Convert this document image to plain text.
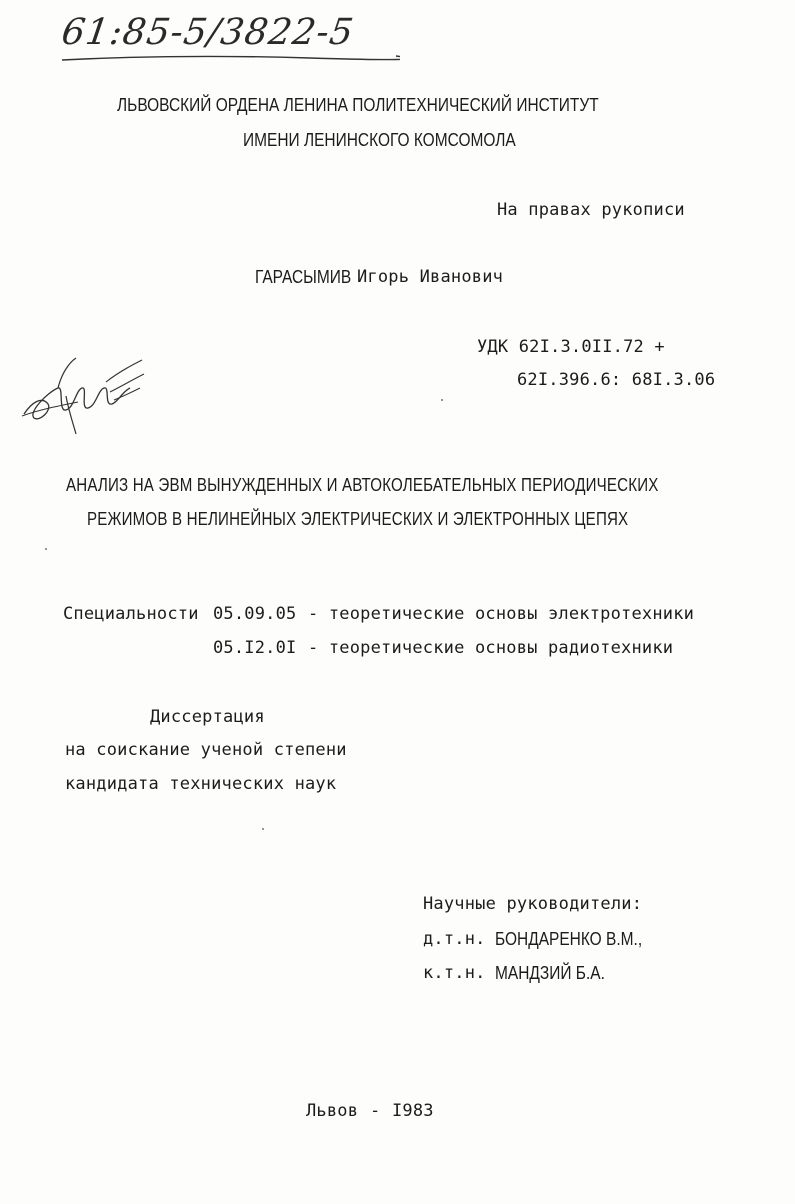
61:85-5/3822-5
ЛЬВОВСКИЙ ОРДЕНА ЛЕНИНА ПОЛИТЕХНИЧЕСКИЙ ИНСТИТУТ
ИМЕНИ ЛЕНИНСКОГО КОМСОМОЛА
На правах рукописи
ГАРАСЫМИВ Игорь Иванович
УДК 62I.3.0II.72 +
62I.396.6: 68I.3.06
АНАЛИЗ НА ЭВМ ВЫНУЖДЕННЫХ И АВТОКОЛЕБАТЕЛЬНЫХ ПЕРИОДИЧЕСКИХ
РЕЖИМОВ В НЕЛИНЕЙНЫХ ЭЛЕКТРИЧЕСКИХ И ЭЛЕКТРОННЫХ ЦЕПЯХ
Специальности 05.09.05 - теоретические основы электротехники
05.I2.0I - теоретические основы радиотехники
Диссертация
на соискание ученой степени
кандидата технических наук
Научные руководители:
д.т.н. БОНДАРЕНКО В.М.,
к.т.н. МАНДЗИЙ Б.А.
Львов - I983
